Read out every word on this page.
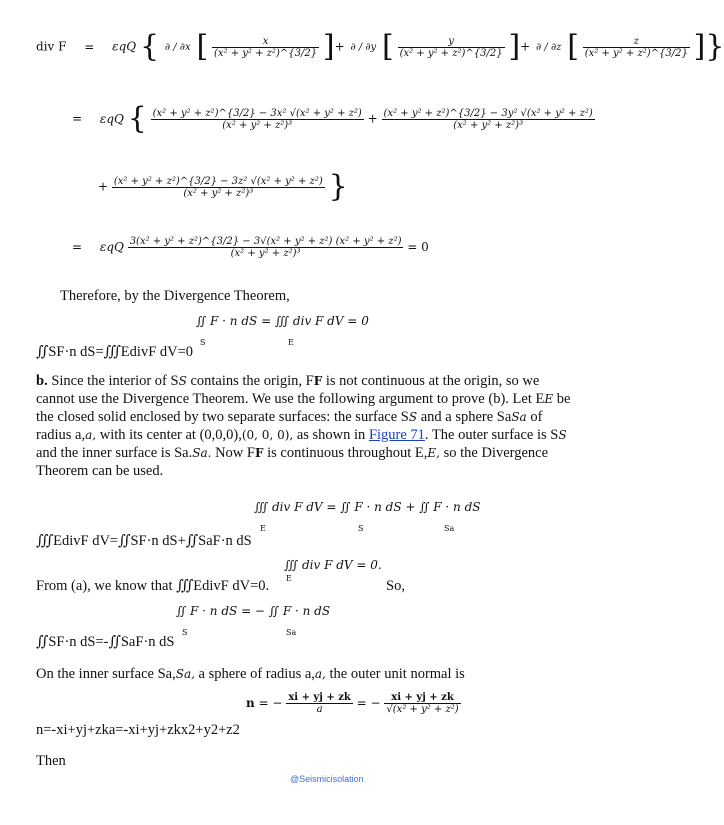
div F = εqQ { ∂ / ∂x [ $\frac{x}{\text{(x² + y² + z²)\textasciicircum{}\{3/2\}}}$ ]+ ∂ / ∂y [ $\frac{y}{\text{(x² + y² + z²)\textasciicircum{}\{3/2\}}}$ ]+ ∂ / ∂z [ $\frac{z}{\text{(x² + y² + z²)\textasciicircum{}\{3/2\}}}$ ]}
= εqQ { $\frac{\text{(x² + y² + z²)\textasciicircum{}\{3/2\} − 3x² √(x² + y² + z²)}}{\text{(x² + y² + z²)³}} + \frac{\text{(x² + y² + z²)\textasciicircum{}\{3/2\} − 3y² √(x² + y² + z²)}}{\text{(x² + y² + z²)³}}$
+ $\frac{\text{(x² + y² + z²)\textasciicircum{}\{3/2\} − 3z² √(x² + y² + z²)}}{\text{(x² + y² + z²)³}}$ }
= εqQ $\frac{\text{3(x² + y² + z²)\textasciicircum{}\{3/2\} − 3√(x² + y² + z²) (x² + y² + z²)}}{\text{(x² + y² + z²)³}} = 0$
Therefore, by the Divergence Theorem,
∬ F · n dS = ∭ div F dV = 0
S	E
∬SF·n dS=∭EdivF dV=0
b. Since the interior of SS contains the origin, FF is not continuous at the origin, so we
cannot use the Divergence Theorem. We use the following argument to prove (b). Let EE be
the closed solid enclosed by two separate surfaces: the surface SS and a sphere SaSa of
radius a,a, with its center at (0,0,0),(0, 0, 0), as shown in Figure 71. The outer surface is SS
and the inner surface is Sa.Sa. Now FF is continuous throughout E,E, so the Divergence
Theorem can be used.
∭ div F dV = ∬ F · n dS + ∬ F · n dS
E	S	Sa
∭EdivF dV=∬SF·n dS+∬SaF·n dS
∭ div F dV = 0.
E
From (a), we know that ∭EdivF dV=0.	So,
∬ F · n dS = − ∬ F · n dS
S	Sa
∬SF·n dS=-∬SaF·n dS
On the inner surface Sa,Sa, a sphere of radius a,a, the outer unit normal is
n = − $\frac{xi + yj + zk}{a}$ = − $\frac{xi + yj + zk}{\text{√(x² + y² + z²)}}$
n=-xi+yj+zka=-xi+yj+zkx2+y2+z2
Then
@Seismicisolation
